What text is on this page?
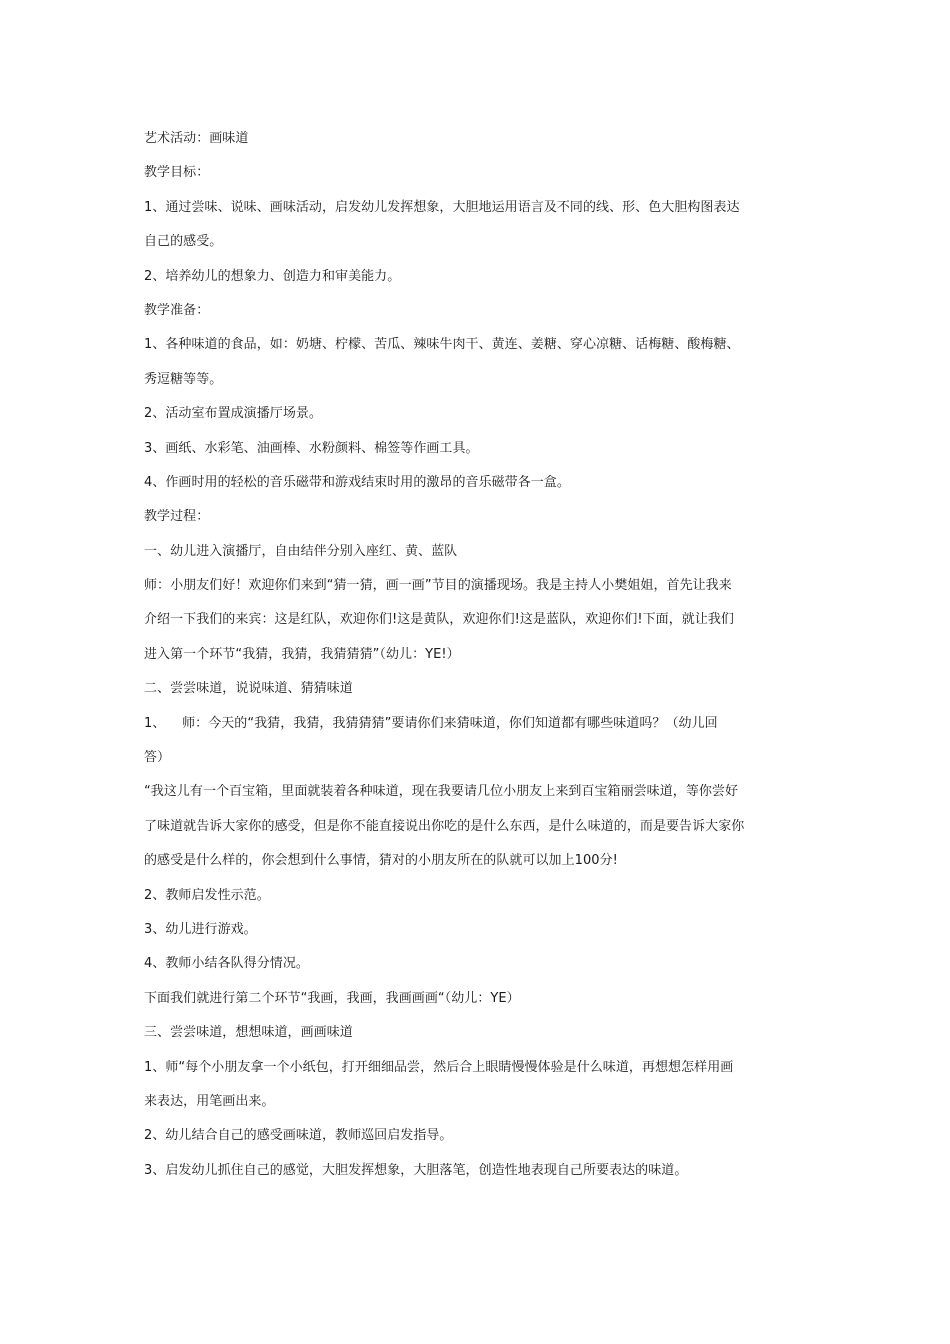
艺术活动：画味道
教学目标：
1、通过尝味、说味、画味活动，启发幼儿发挥想象，大胆地运用语言及不同的线、形、色大胆构图表达
自己的感受。
2、培养幼儿的想象力、创造力和审美能力。
教学准备：
1、各种味道的食品，如：奶塘、柠檬、苦瓜、辣味牛肉干、黄连、姜糖、穿心凉糖、话梅糖、酸梅糖、
秀逗糖等等。
2、活动室布置成演播厅场景。
3、画纸、水彩笔、油画棒、水粉颜料、棉签等作画工具。
4、作画时用的轻松的音乐磁带和游戏结束时用的激昂的音乐磁带各一盒。
教学过程：
一、幼儿进入演播厅，自由结伴分别入座红、黄、蓝队
师：小朋友们好！欢迎你们来到“猜一猜，画一画”节目的演播现场。我是主持人小樊姐姐，首先让我来
介绍一下我们的来宾：这是红队，欢迎你们!这是黄队，欢迎你们!这是蓝队，欢迎你们!下面，就让我们
进入第一个环节“我猜，我猜，我猜猜猜”（幼儿：YE!）
二、尝尝味道，说说味道、猜猜味道
1、    师：今天的“我猜，我猜，我猜猜猜”要请你们来猜味道，你们知道都有哪些味道吗？（幼儿回
答）
“我这儿有一个百宝箱，里面就装着各种味道，现在我要请几位小朋友上来到百宝箱丽尝味道，等你尝好
了味道就告诉大家你的感受，但是你不能直接说出你吃的是什么东西，是什么味道的，而是要告诉大家你
的感受是什么样的，你会想到什么事情，猜对的小朋友所在的队就可以加上100分!
2、教师启发性示范。
3、幼儿进行游戏。
4、教师小结各队得分情况。
下面我们就进行第二个环节“我画，我画，我画画画“（幼儿：YE）
三、尝尝味道，想想味道，画画味道
1、师“每个小朋友拿一个小纸包，打开细细品尝，然后合上眼睛慢慢体验是什么味道，再想想怎样用画
来表达，用笔画出来。
2、幼儿结合自己的感受画味道，教师巡回启发指导。
3、启发幼儿抓住自己的感觉，大胆发挥想象，大胆落笔，创造性地表现自己所要表达的味道。
